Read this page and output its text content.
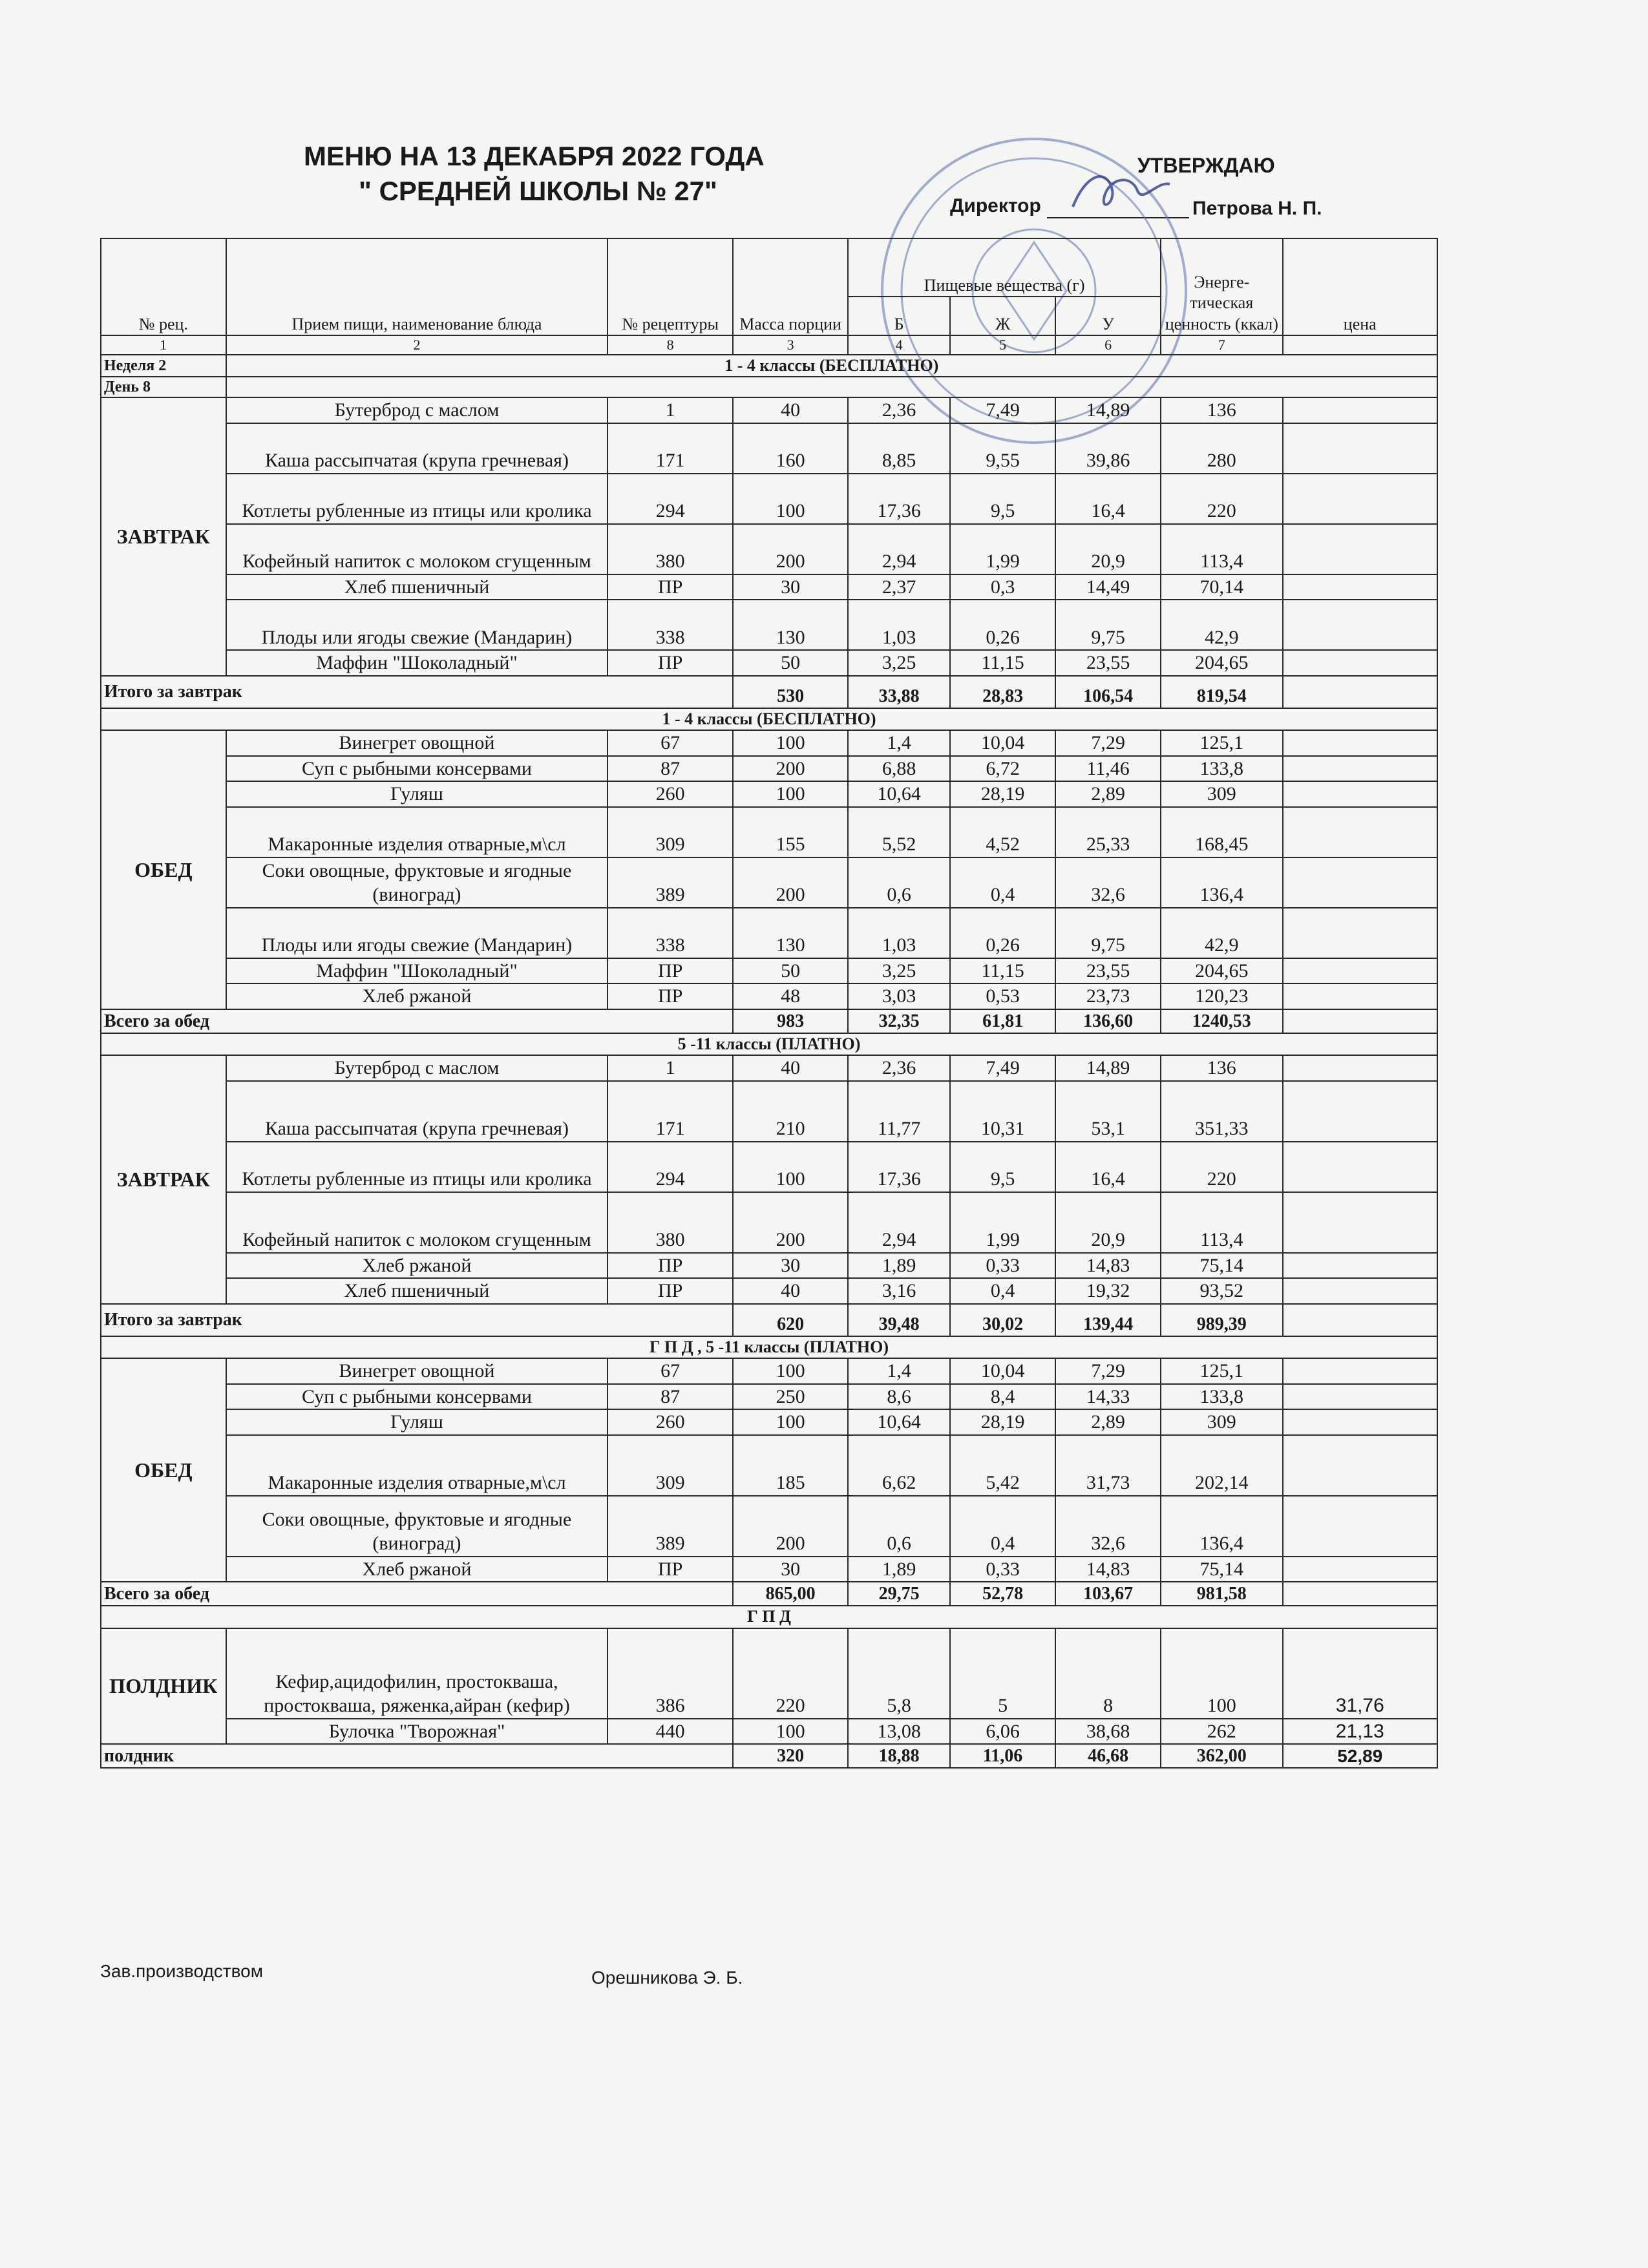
МЕНЮ НА 13 ДЕКАБРЯ 2022 ГОДА
" СРЕДНЕЙ ШКОЛЫ № 27"
УТВЕРЖДАЮ
Директор	Петрова Н. П.
№ рец.	Прием пищи, наименование блюда	№ рецептуры	Масса порции	Пищевые вещества (г)			Энерге-тическая ценность (ккал)	цена
				Б	Ж	У		
1	2	8	3	4	5	6	7	
Неделя 2	1 - 4 классы (БЕСПЛАТНО)							
День 8								
ЗАВТРАК	Бутерброд с маслом	1	40	2,36	7,49	14,89	136	
	Каша рассыпчатая (крупа гречневая)	171	160	8,85	9,55	39,86	280	
	Котлеты рубленные из птицы или кролика	294	100	17,36	9,5	16,4	220	
	Кофейный напиток с молоком сгущенным	380	200	2,94	1,99	20,9	113,4	
	Хлеб пшеничный	ПР	30	2,37	0,3	14,49	70,14	
	Плоды или ягоды свежие (Мандарин)	338	130	1,03	0,26	9,75	42,9	
	Маффин "Шоколадный"	ПР	50	3,25	11,15	23,55	204,65	
Итого за завтрак			530	33,88	28,83	106,54	819,54	
1 - 4 классы (БЕСПЛАТНО)								
ОБЕД	Винегрет овощной	67	100	1,4	10,04	7,29	125,1	
	Суп с рыбными консервами	87	200	6,88	6,72	11,46	133,8	
	Гуляш	260	100	10,64	28,19	2,89	309	
	Макаронные изделия отварные,м\сл	309	155	5,52	4,52	25,33	168,45	
	Соки овощные, фруктовые и ягодные (виноград)	389	200	0,6	0,4	32,6	136,4	
	Плоды или ягоды свежие (Мандарин)	338	130	1,03	0,26	9,75	42,9	
	Маффин "Шоколадный"	ПР	50	3,25	11,15	23,55	204,65	
	Хлеб ржаной	ПР	48	3,03	0,53	23,73	120,23	
Всего за обед			983	32,35	61,81	136,60	1240,53	
5 -11 классы (ПЛАТНО)								
ЗАВТРАК	Бутерброд с маслом	1	40	2,36	7,49	14,89	136	
	Каша рассыпчатая (крупа гречневая)	171	210	11,77	10,31	53,1	351,33	
	Котлеты рубленные из птицы или кролика	294	100	17,36	9,5	16,4	220	
	Кофейный напиток с молоком сгущенным	380	200	2,94	1,99	20,9	113,4	
	Хлеб ржаной	ПР	30	1,89	0,33	14,83	75,14	
	Хлеб пшеничный	ПР	40	3,16	0,4	19,32	93,52	
Итого за завтрак			620	39,48	30,02	139,44	989,39	
Г П Д , 5 -11 классы (ПЛАТНО)								
ОБЕД	Винегрет овощной	67	100	1,4	10,04	7,29	125,1	
	Суп с рыбными консервами	87	250	8,6	8,4	14,33	133,8	
	Гуляш	260	100	10,64	28,19	2,89	309	
	Макаронные изделия отварные,м\сл	309	185	6,62	5,42	31,73	202,14	
	Соки овощные, фруктовые и ягодные (виноград)	389	200	0,6	0,4	32,6	136,4	
	Хлеб ржаной	ПР	30	1,89	0,33	14,83	75,14	
Всего за обед			865,00	29,75	52,78	103,67	981,58	
Г П Д								
ПОЛДНИК	Кефир,ацидофилин, простокваша, простокваша, ряженка,айран (кефир)	386	220	5,8	5	8	100	31,76
	Булочка "Творожная"	440	100	13,08	6,06	38,68	262	21,13
полдник			320	18,88	11,06	46,68	362,00	52,89
Зав.производством	Орешникова Э. Б.
